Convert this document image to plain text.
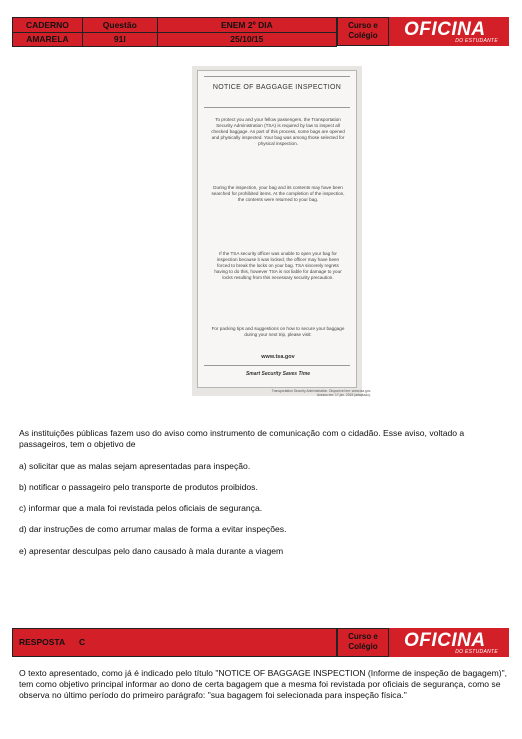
CADERNO	Questão	ENEM 2º DIA
AMARELA	91I	25/10/15
Curso e
Colégio	OFICINA
DO ESTUDANTE
NOTICE OF BAGGAGE INSPECTION
To protect you and your fellow passengers, the Transportation Security Administration (TSA) is required by law to inspect all checked baggage. As part of this process, some bags are opened and physically inspected. Your bag was among those selected for physical inspection.
During the inspection, your bag and its contents may have been searched for prohibited items. At the completion of the inspection, the contents were returned to your bag.
If the TSA security officer was unable to open your bag for inspection because it was locked, the officer may have been forced to break the locks on your bag. TSA sincerely regrets having to do this, however TSA is not liable for damage to your locks resulting from this necessary security precaution.
For packing tips and suggestions on how to secure your baggage during your next trip, please visit:
www.tsa.gov
Smart Security Saves Time
Transportation Security Administration. Disponível em: www.tsa.gov.
Acesso em: 17 jan. 2015 (adaptado).
As instituições públicas fazem uso do aviso como instrumento de comunicação com o cidadão. Esse aviso, voltado a passageiros, tem o objetivo de
a) solicitar que as malas sejam apresentadas para inspeção.
b) notificar o passageiro pelo transporte de produtos proibidos.
c) informar que a mala foi revistada pelos oficiais de segurança.
d) dar instruções de como arrumar malas de forma a evitar inspeções.
e) apresentar desculpas pelo dano causado à mala durante a viagem
RESPOSTA C
Curso e
Colégio	OFICINA
DO ESTUDANTE
O texto apresentado, como já é indicado pelo título "NOTICE OF BAGGAGE INSPECTION (Informe de inspeção de bagagem)", tem como objetivo principal informar ao dono de certa bagagem que a mesma foi revistada por oficiais de segurança, como se observa no último período do primeiro parágrafo: "sua bagagem foi selecionada para inspeção física."
